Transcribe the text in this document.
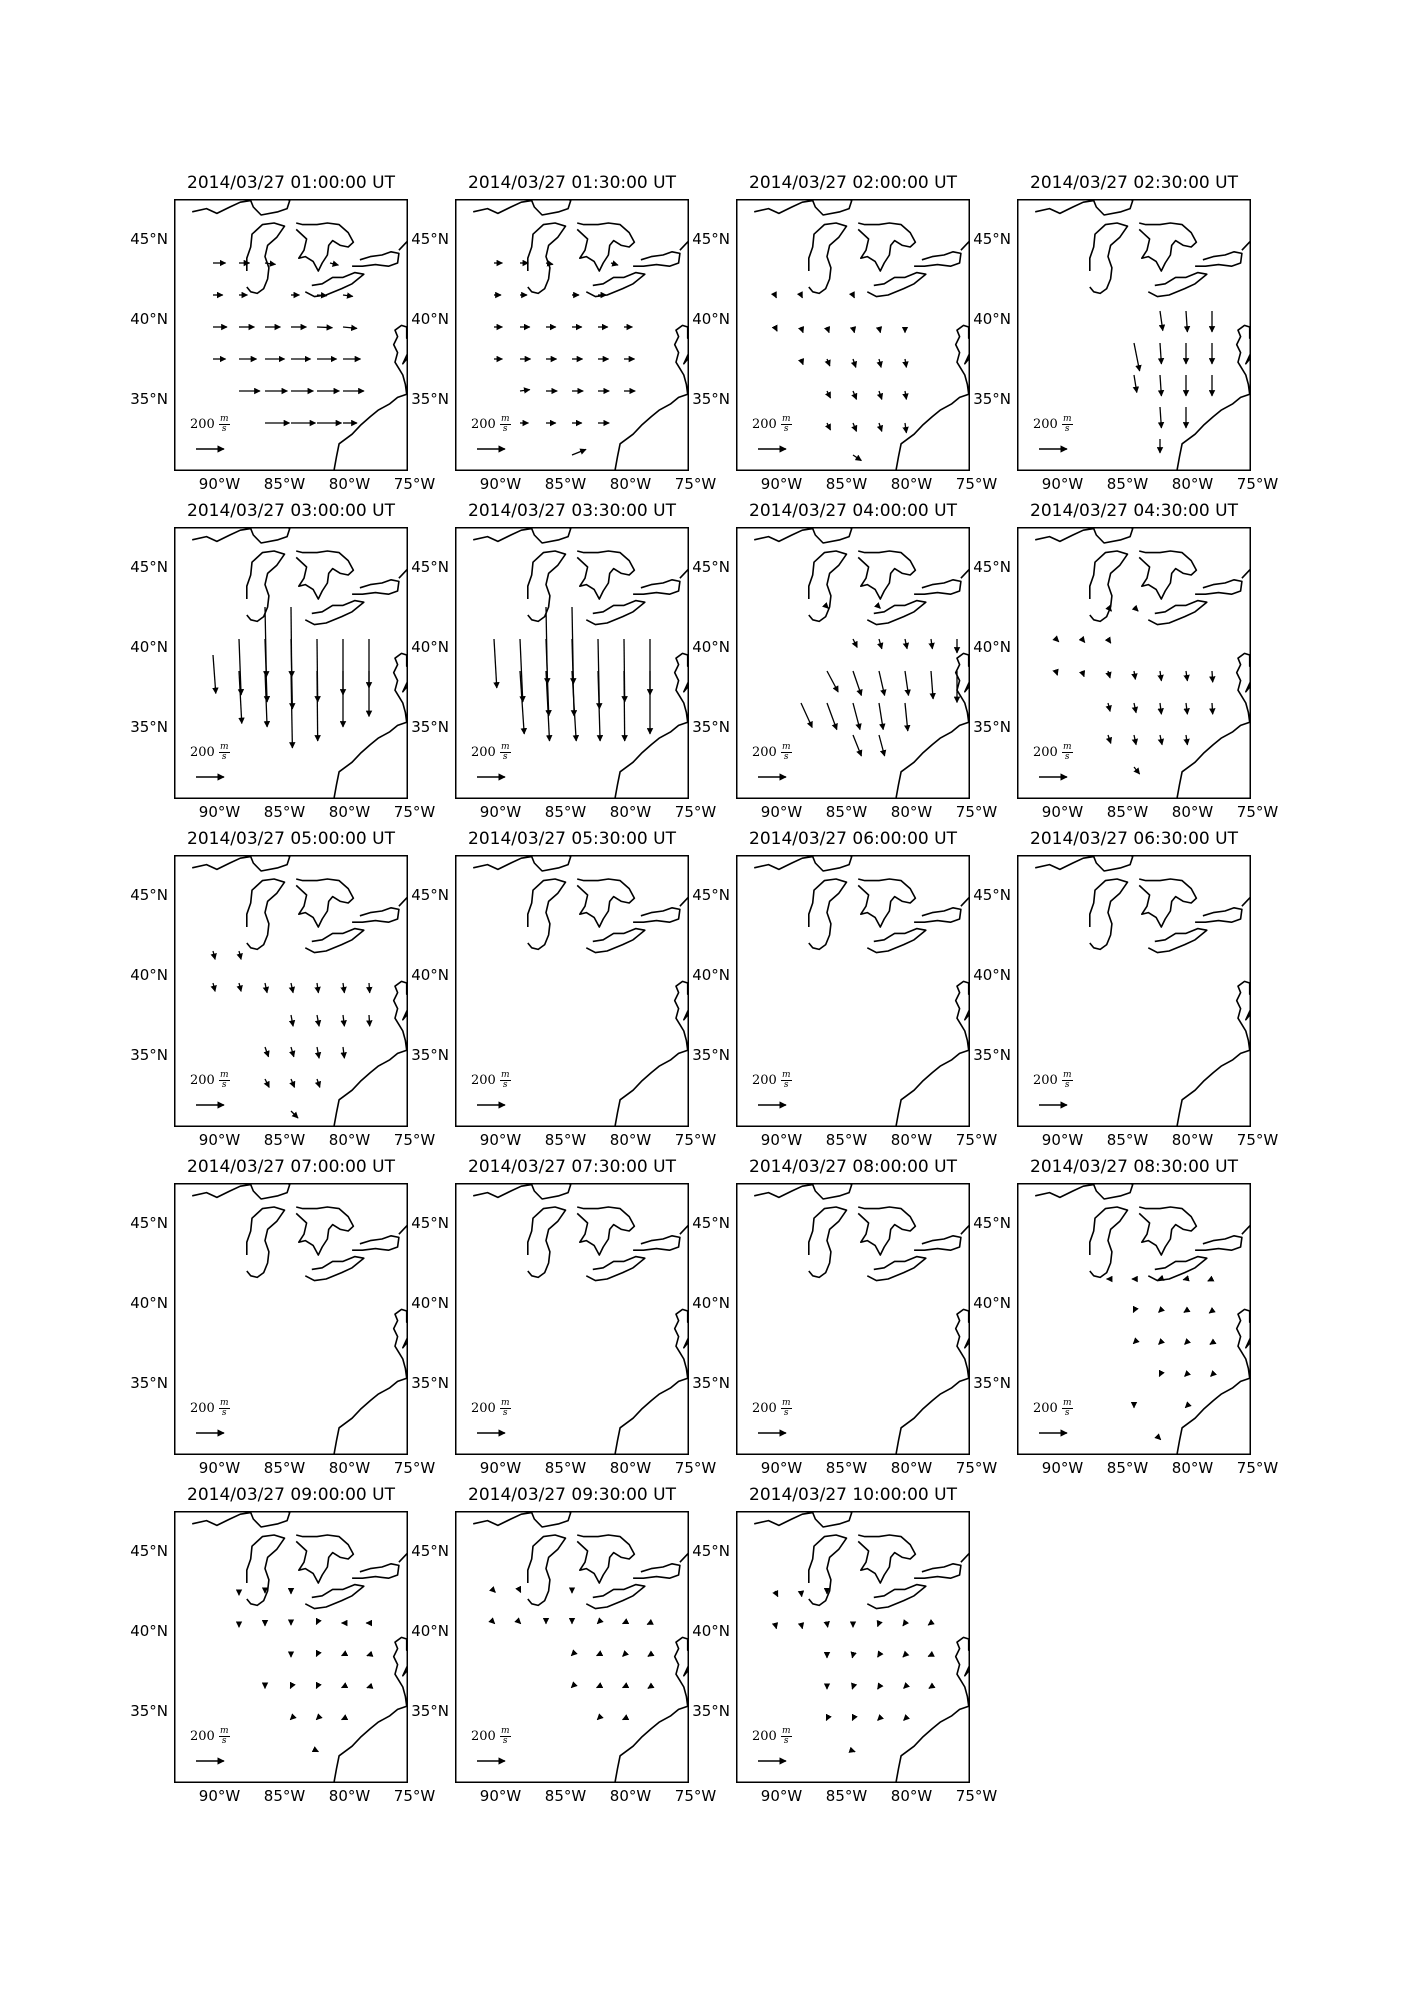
2014/03/27 01:00:00 UT
45°N
40°N
35°N
90°W 85°W 80°W 75°W
$200 \frac{m}{s}$
2014/03/27 01:30:00 UT
45°N
40°N
35°N
90°W 85°W 80°W 75°W
$200 \frac{m}{s}$
2014/03/27 02:00:00 UT
45°N
40°N
35°N
90°W 85°W 80°W 75°W
$200 \frac{m}{s}$
2014/03/27 02:30:00 UT
45°N
40°N
35°N
90°W 85°W 80°W 75°W
$200 \frac{m}{s}$
2014/03/27 03:00:00 UT
45°N
40°N
35°N
90°W 85°W 80°W 75°W
$200 \frac{m}{s}$
2014/03/27 03:30:00 UT
45°N
40°N
35°N
90°W 85°W 80°W 75°W
$200 \frac{m}{s}$
2014/03/27 04:00:00 UT
45°N
40°N
35°N
90°W 85°W 80°W 75°W
$200 \frac{m}{s}$
2014/03/27 04:30:00 UT
45°N
40°N
35°N
90°W 85°W 80°W 75°W
$200 \frac{m}{s}$
2014/03/27 05:00:00 UT
45°N
40°N
35°N
90°W 85°W 80°W 75°W
$200 \frac{m}{s}$
2014/03/27 05:30:00 UT
45°N
40°N
35°N
90°W 85°W 80°W 75°W
$200 \frac{m}{s}$
2014/03/27 06:00:00 UT
45°N
40°N
35°N
90°W 85°W 80°W 75°W
$200 \frac{m}{s}$
2014/03/27 06:30:00 UT
45°N
40°N
35°N
90°W 85°W 80°W 75°W
$200 \frac{m}{s}$
2014/03/27 07:00:00 UT
45°N
40°N
35°N
90°W 85°W 80°W 75°W
$200 \frac{m}{s}$
2014/03/27 07:30:00 UT
45°N
40°N
35°N
90°W 85°W 80°W 75°W
$200 \frac{m}{s}$
2014/03/27 08:00:00 UT
45°N
40°N
35°N
90°W 85°W 80°W 75°W
$200 \frac{m}{s}$
2014/03/27 08:30:00 UT
45°N
40°N
35°N
90°W 85°W 80°W 75°W
$200 \frac{m}{s}$
2014/03/27 09:00:00 UT
45°N
40°N
35°N
90°W 85°W 80°W 75°W
$200 \frac{m}{s}$
2014/03/27 09:30:00 UT
45°N
40°N
35°N
90°W 85°W 80°W 75°W
$200 \frac{m}{s}$
2014/03/27 10:00:00 UT
45°N
40°N
35°N
90°W 85°W 80°W 75°W
$200 \frac{m}{s}$
